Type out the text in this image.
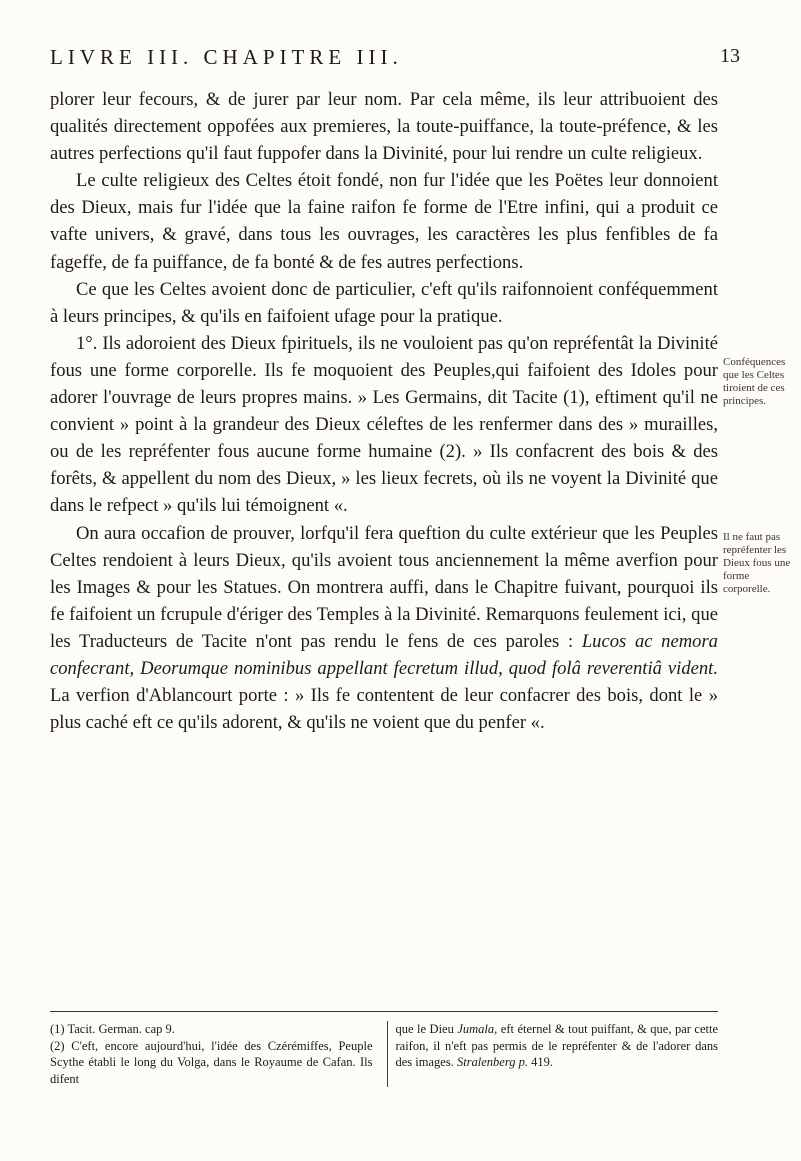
LIVRE III. CHAPITRE III.	13

plorer leur fecours, & de jurer par leur nom. Par cela même, ils leur attribuoient des qualités directement oppofées aux premieres, la toute-puiffance, la toute-préfence, & les autres perfections qu'il faut fuppofer dans la Divinité, pour lui rendre un culte religieux.

Le culte religieux des Celtes étoit fondé, non fur l'idée que les Poëtes leur donnoient des Dieux, mais fur l'idée que la faine raifon fe forme de l'Etre infini, qui a produit ce vafte univers, & gravé, dans tous les ouvrages, les caractères les plus fenfibles de fa fageffe, de fa puiffance, de fa bonté & de fes autres perfections.

Ce que les Celtes avoient donc de particulier, c'eft qu'ils raifonnoient conféquemment à leurs principes, & qu'ils en faifoient ufage pour la pratique.

1°. Ils adoroient des Dieux fpirituels, ils ne vouloient pas qu'on repréfentât la Divinité fous une forme corporelle. Ils fe moquoient des Peuples,qui faifoient des Idoles pour adorer l'ouvrage de leurs propres mains. » Les Germains, dit Tacite (1), eftiment qu'il ne convient » point à la grandeur des Dieux céleftes de les renfermer dans des » murailles, ou de les repréfenter fous aucune forme humaine (2). » Ils confacrent des bois & des forêts, & appellent du nom des Dieux, » les lieux fecrets, où ils ne voyent la Divinité que dans le refpect » qu'ils lui témoignent «.

On aura occafion de prouver, lorfqu'il fera queftion du culte extérieur que les Peuples Celtes rendoient à leurs Dieux, qu'ils avoient tous anciennement la même averfion pour les Images & pour les Statues. On montrera auffi, dans le Chapitre fuivant, pourquoi ils fe faifoient un fcrupule d'ériger des Temples à la Divinité. Remarquons feulement ici, que les Traducteurs de Tacite n'ont pas rendu le fens de ces paroles : Lucos ac nemora confecrant, Deorumque nominibus appellant fecretum illud, quod folâ reverentiâ vident. La verfion d'Ablancourt porte : » Ils fe contentent de leur confacrer des bois, dont le » plus caché eft ce qu'ils adorent, & qu'ils ne voient que du penfer «.

Conféquences que les Celtes tiroient de ces principes.
Il ne faut pas repréfenter les Dieux fous une forme corporelle.

(1) Tacit. German. cap 9.

(2) C'eft, encore aujourd'hui, l'idée des Czérémiffes, Peuple Scythe établi le long du Volga, dans le Royaume de Cafan. Ils difent

que le Dieu Jumala, eft éternel & tout puiffant, & que, par cette raifon, il n'eft pas permis de le repréfenter & de l'adorer dans des images. Stralenberg p. 419.
